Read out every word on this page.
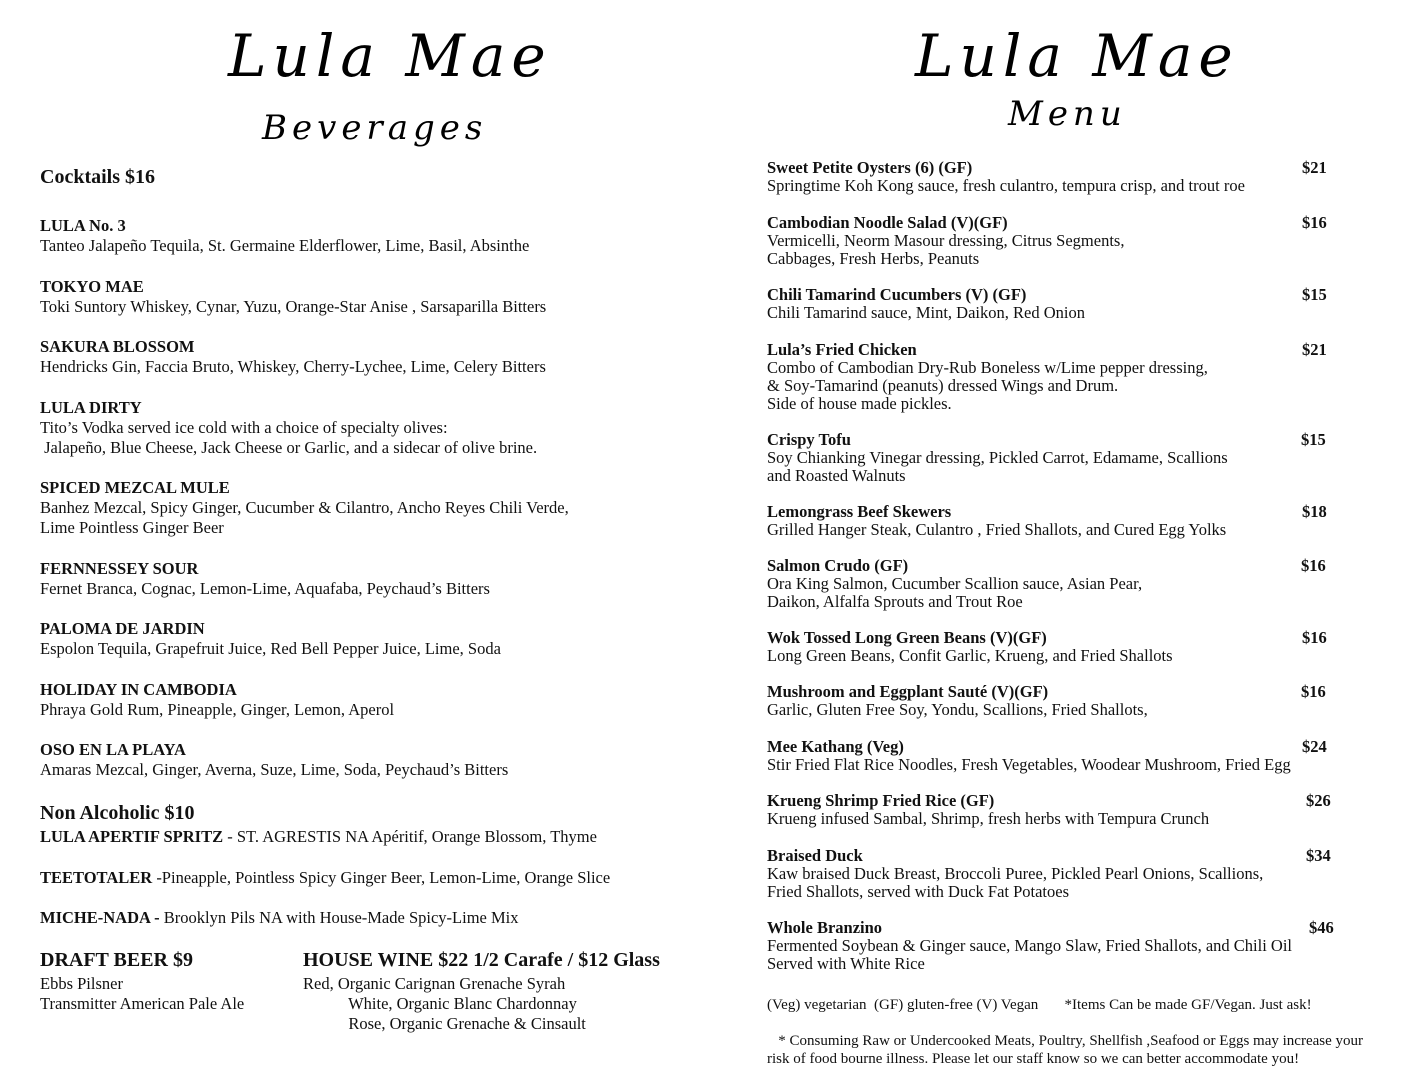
Lula Mae
Beverages
Lula Mae
Menu
Cocktails $16
LULA No. 3
Tanteo Jalapeño Tequila, St. Germaine Elderflower, Lime, Basil, Absinthe
TOKYO MAE
Toki Suntory Whiskey, Cynar, Yuzu, Orange-Star Anise , Sarsaparilla Bitters
SAKURA BLOSSOM
Hendricks Gin, Faccia Bruto, Whiskey, Cherry-Lychee, Lime, Celery Bitters
LULA DIRTY
Tito’s Vodka served ice cold with a choice of specialty olives:
Jalapeño, Blue Cheese, Jack Cheese or Garlic, and a sidecar of olive brine.
SPICED MEZCAL MULE
Banhez Mezcal, Spicy Ginger, Cucumber & Cilantro, Ancho Reyes Chili Verde,
Lime Pointless Ginger Beer
FERNNESSEY SOUR
Fernet Branca, Cognac, Lemon-Lime, Aquafaba, Peychaud’s Bitters
PALOMA DE JARDIN
Espolon Tequila, Grapefruit Juice, Red Bell Pepper Juice, Lime, Soda
HOLIDAY IN CAMBODIA
Phraya Gold Rum, Pineapple, Ginger, Lemon, Aperol
OSO EN LA PLAYA
Amaras Mezcal, Ginger, Averna, Suze, Lime, Soda, Peychaud’s Bitters
Non Alcoholic $10
LULA APERTIF SPRITZ - ST. AGRESTIS NA Apéritif, Orange Blossom, Thyme
TEETOTALER -Pineapple, Pointless Spicy Ginger Beer, Lemon-Lime, Orange Slice
MICHE-NADA - Brooklyn Pils NA with House-Made Spicy-Lime Mix
DRAFT BEER $9
Ebbs Pilsner
Transmitter American Pale Ale
HOUSE WINE $22 1/2 Carafe / $12 Glass
Red, Organic Carignan Grenache Syrah
White, Organic Blanc Chardonnay
Rose, Organic Grenache & Cinsault
Sweet Petite Oysters (6) (GF)	$21
Springtime Koh Kong sauce, fresh culantro, tempura crisp, and trout roe
Cambodian Noodle Salad (V)(GF)	$16
Vermicelli, Neorm Masour dressing, Citrus Segments,
Cabbages, Fresh Herbs, Peanuts
Chili Tamarind Cucumbers (V) (GF)	$15
Chili Tamarind sauce, Mint, Daikon, Red Onion
Lula’s Fried Chicken	$21
Combo of Cambodian Dry-Rub Boneless w/Lime pepper dressing,
& Soy-Tamarind (peanuts) dressed Wings and Drum.
Side of house made pickles.
Crispy Tofu	$15
Soy Chianking Vinegar dressing, Pickled Carrot, Edamame, Scallions
and Roasted Walnuts
Lemongrass Beef Skewers	$18
Grilled Hanger Steak, Culantro , Fried Shallots, and Cured Egg Yolks
Salmon Crudo (GF)	$16
Ora King Salmon, Cucumber Scallion sauce, Asian Pear,
Daikon, Alfalfa Sprouts and Trout Roe
Wok Tossed Long Green Beans (V)(GF)	$16
Long Green Beans, Confit Garlic, Krueng, and Fried Shallots
Mushroom and Eggplant Sauté (V)(GF)	$16
Garlic, Gluten Free Soy, Yondu, Scallions, Fried Shallots,
Mee Kathang (Veg)	$24
Stir Fried Flat Rice Noodles, Fresh Vegetables, Woodear Mushroom, Fried Egg
Krueng Shrimp Fried Rice (GF)	$26
Krueng infused Sambal, Shrimp, fresh herbs with Tempura Crunch
Braised Duck	$34
Kaw braised Duck Breast, Broccoli Puree, Pickled Pearl Onions, Scallions,
Fried Shallots, served with Duck Fat Potatoes
Whole Branzino	$46
Fermented Soybean & Ginger sauce, Mango Slaw, Fried Shallots, and Chili Oil
Served with White Rice
(Veg) vegetarian  (GF) gluten-free (V) Vegan       *Items Can be made GF/Vegan. Just ask!
* Consuming Raw or Undercooked Meats, Poultry, Shellfish ,Seafood or Eggs may increase your
risk of food bourne illness. Please let our staff know so we can better accommodate you!
